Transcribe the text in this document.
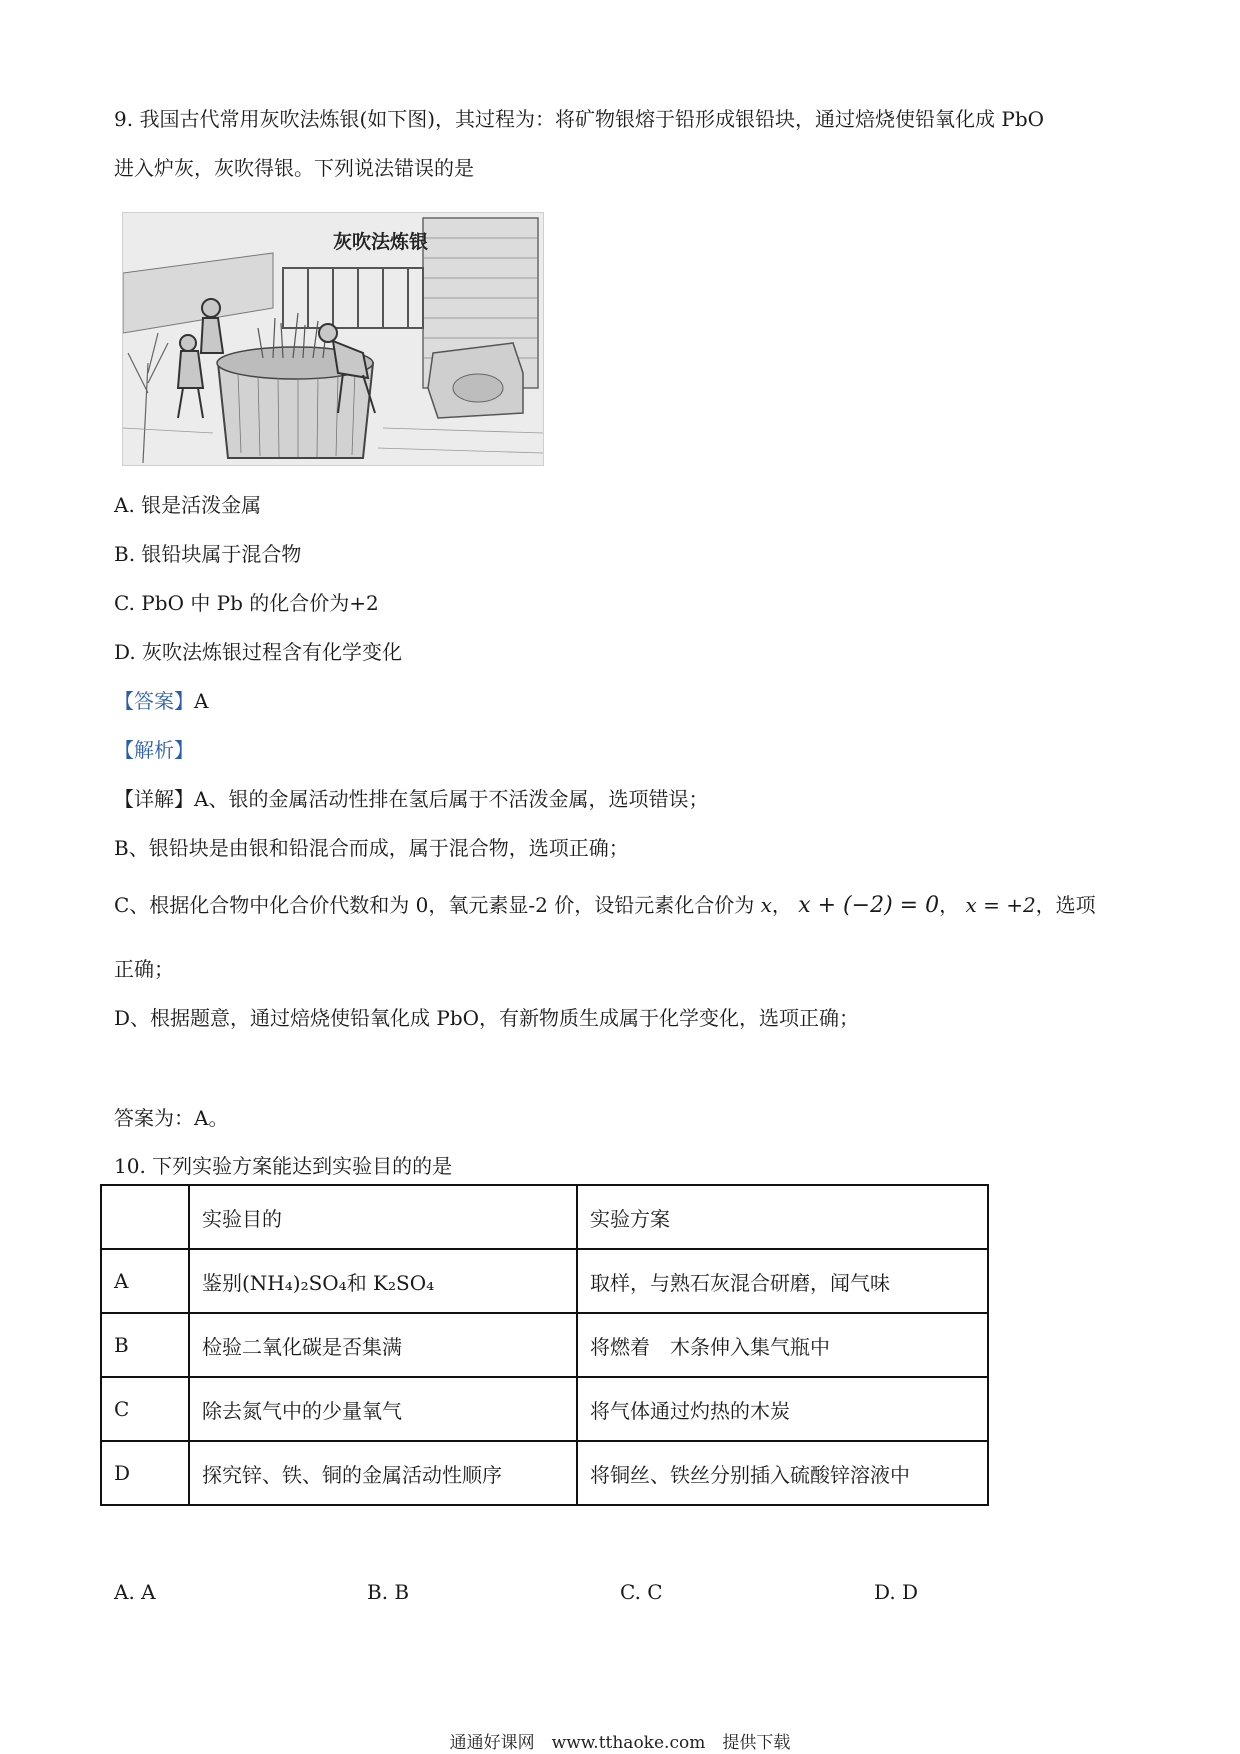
9. 我国古代常用灰吹法炼银(如下图)，其过程为：将矿物银熔于铅形成银铅块，通过焙烧使铅氧化成 PbO
进入炉灰，灰吹得银。下列说法错误的是
灰吹法炼银
A. 银是活泼金属
B. 银铅块属于混合物
C. PbO 中 Pb 的化合价为+2
D. 灰吹法炼银过程含有化学变化
【答案】A
【解析】
【详解】A、银的金属活动性排在氢后属于不活泼金属，选项错误；
B、银铅块是由银和铅混合而成，属于混合物，选项正确；
C、根据化合物中化合价代数和为 0，氧元素显-2 价，设铅元素化合价为 x， x + (−2) = 0， x = +2，选项
正确；
D、根据题意，通过焙烧使铅氧化成 PbO，有新物质生成属于化学变化，选项正确；
答案为：A。
10. 下列实验方案能达到实验目的的是
	实验目的	实验方案
A	鉴别(NH₄)₂SO₄和 K₂SO₄	取样，与熟石灰混合研磨，闻气味
B	检验二氧化碳是否集满	将燃着　木条伸入集气瓶中
C	除去氮气中的少量氧气	将气体通过灼热的木炭
D	探究锌、铁、铜的金属活动性顺序	将铜丝、铁丝分别插入硫酸锌溶液中
A. A	B. B	C. C	D. D
通通好课网　www.tthaoke.com　提供下载
